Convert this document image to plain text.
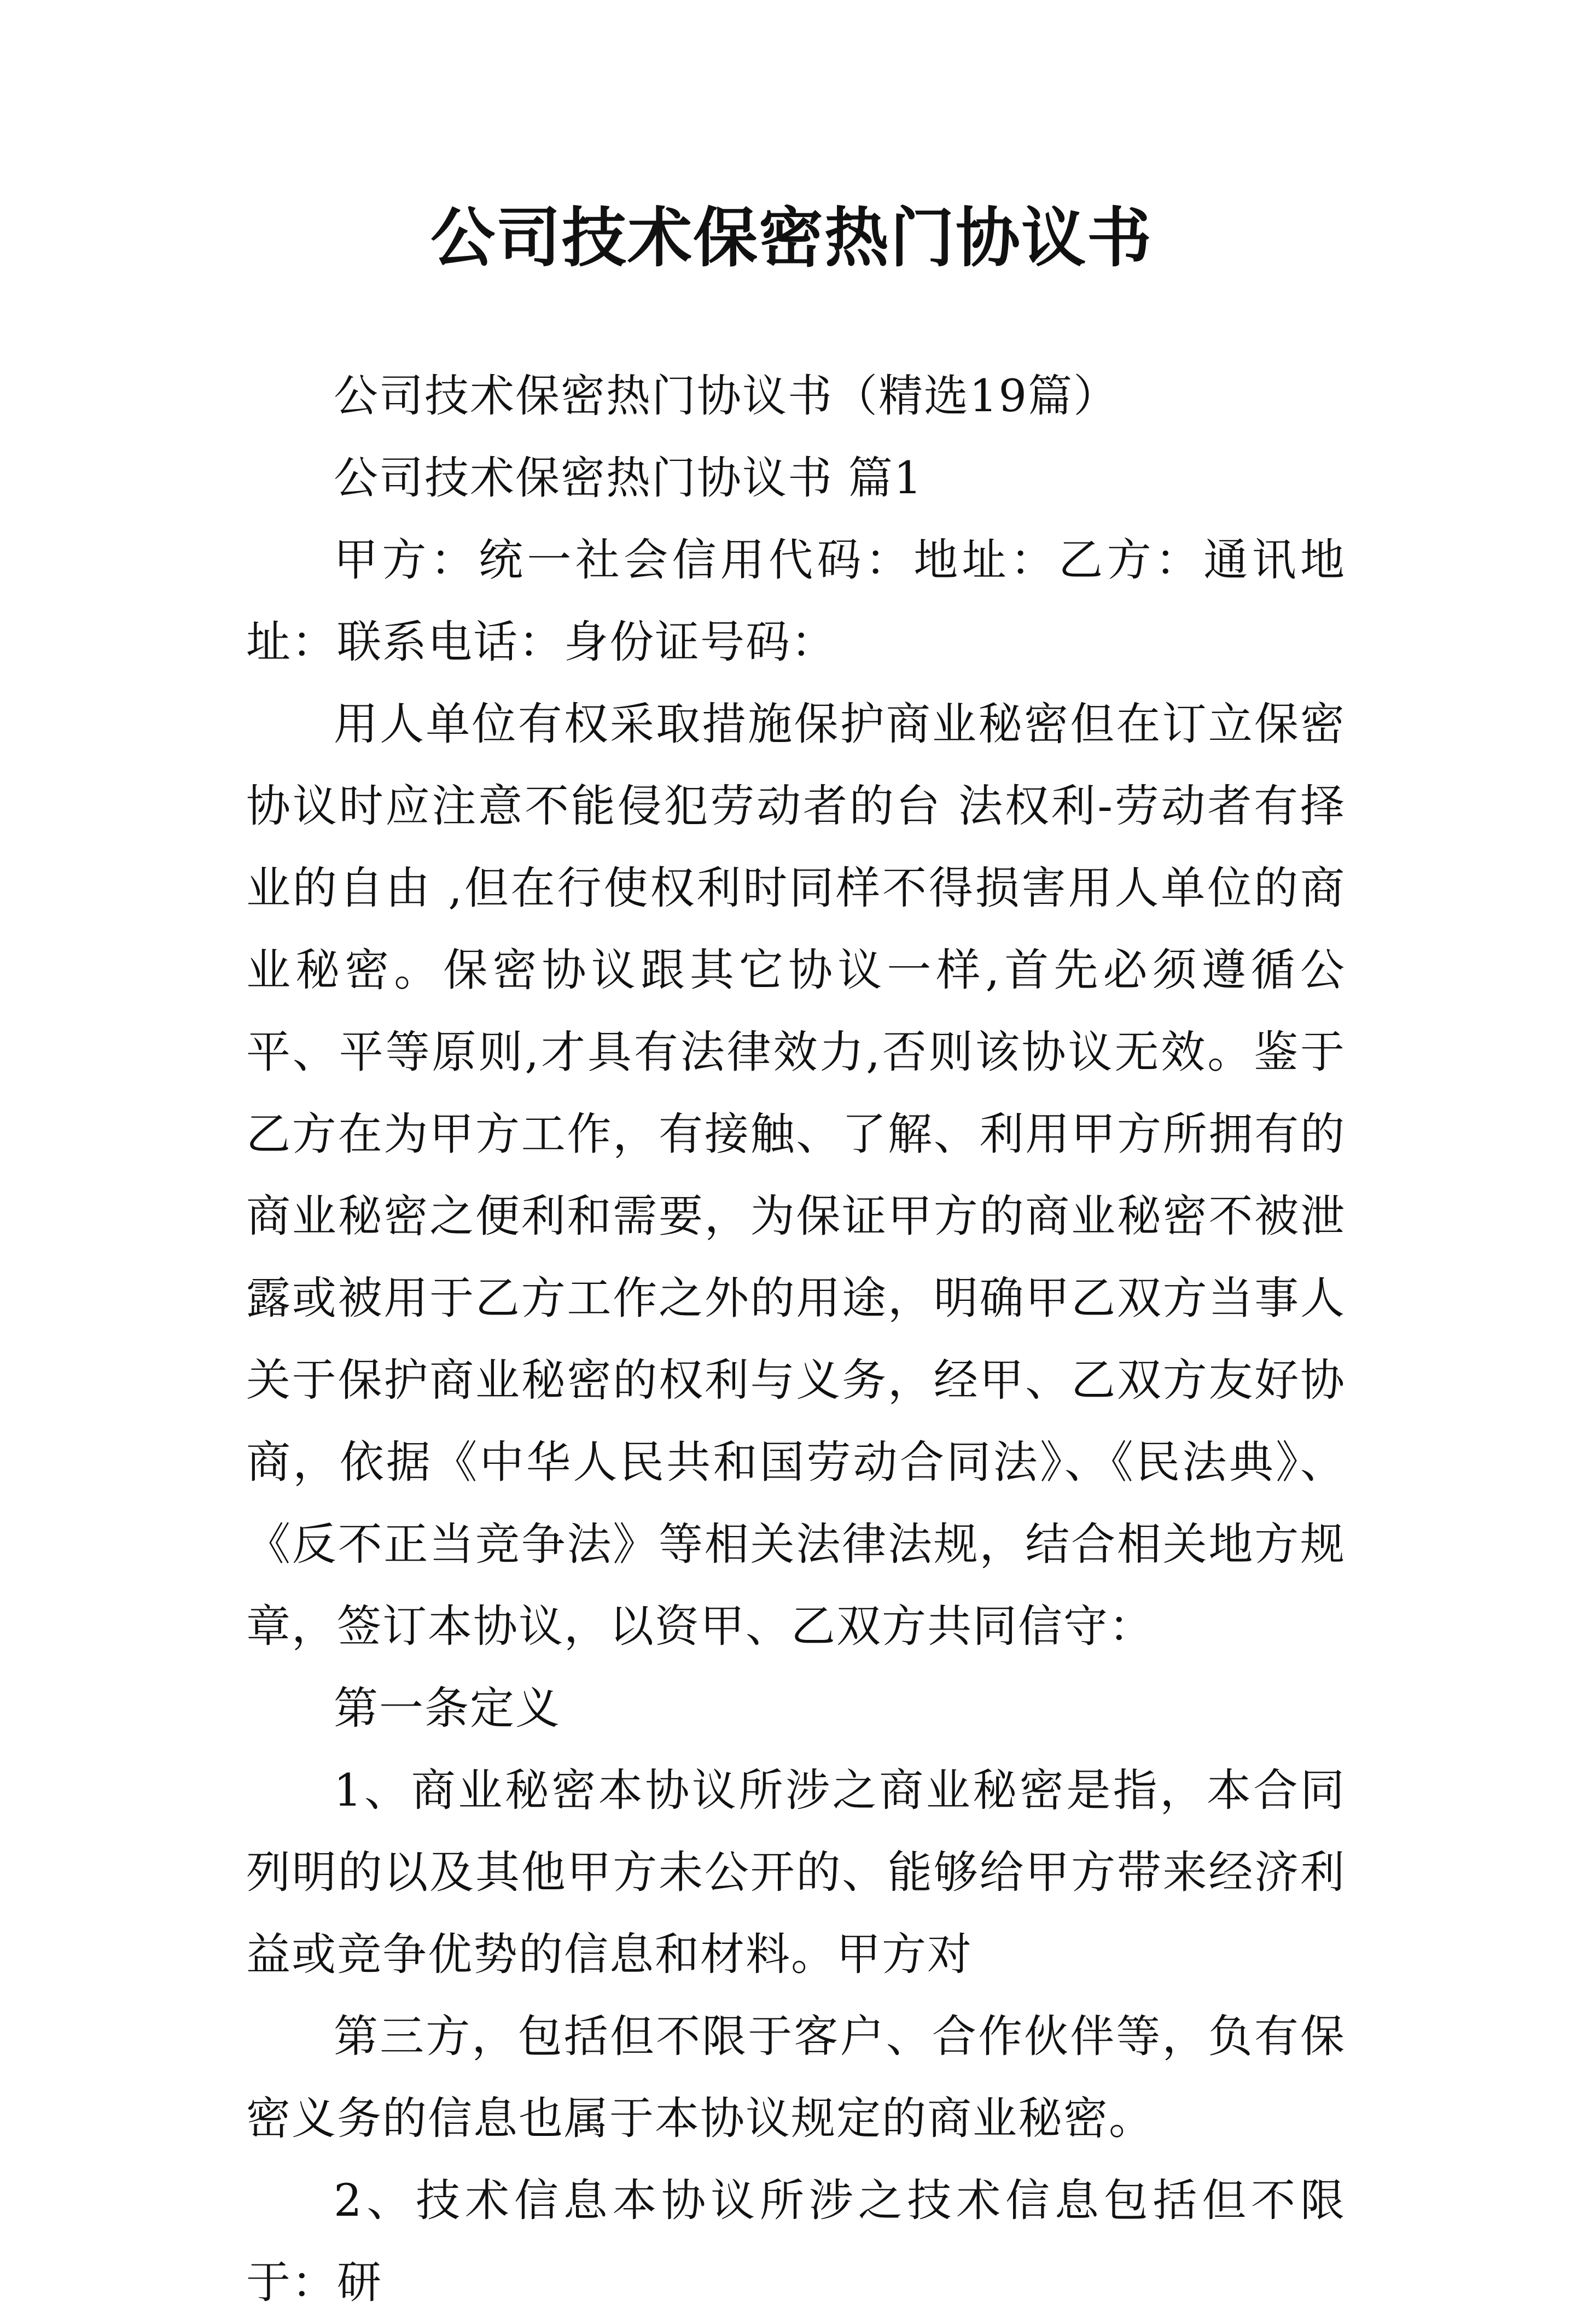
公司技术保密热门协议书

公司技术保密热门协议书（精选19篇）

公司技术保密热门协议书 篇1

甲方：统一社会信用代码：地址：乙方：通讯地址：联系电话：身份证号码：

用人单位有权采取措施保护商业秘密但在订立保密协议时应注意不能侵犯劳动者的台 法权利-劳动者有择业的自由 ,但在行使权利时同样不得损害用人单位的商业秘密。保密协议跟其它协议一样,首先必须遵循公平、平等原则,才具有法律效力,否则该协议无效。鉴于乙方在为甲方工作，有接触、了解、利用甲方所拥有的商业秘密之便利和需要，为保证甲方的商业秘密不被泄露或被用于乙方工作之外的用途，明确甲乙双方当事人关于保护商业秘密的权利与义务，经甲、乙双方友好协商，依据《中华人民共和国劳动合同法》、《民法典》、《反不正当竞争法》等相关法律法规，结合相关地方规章，签订本协议，以资甲、乙双方共同信守：

第一条定义

1、商业秘密本协议所涉之商业秘密是指，本合同列明的以及其他甲方未公开的、能够给甲方带来经济利益或竞争优势的信息和材料。甲方对

第三方，包括但不限于客户、合作伙伴等，负有保密义务的信息也属于本协议规定的商业秘密。

2、技术信息本协议所涉之技术信息包括但不限于：研
